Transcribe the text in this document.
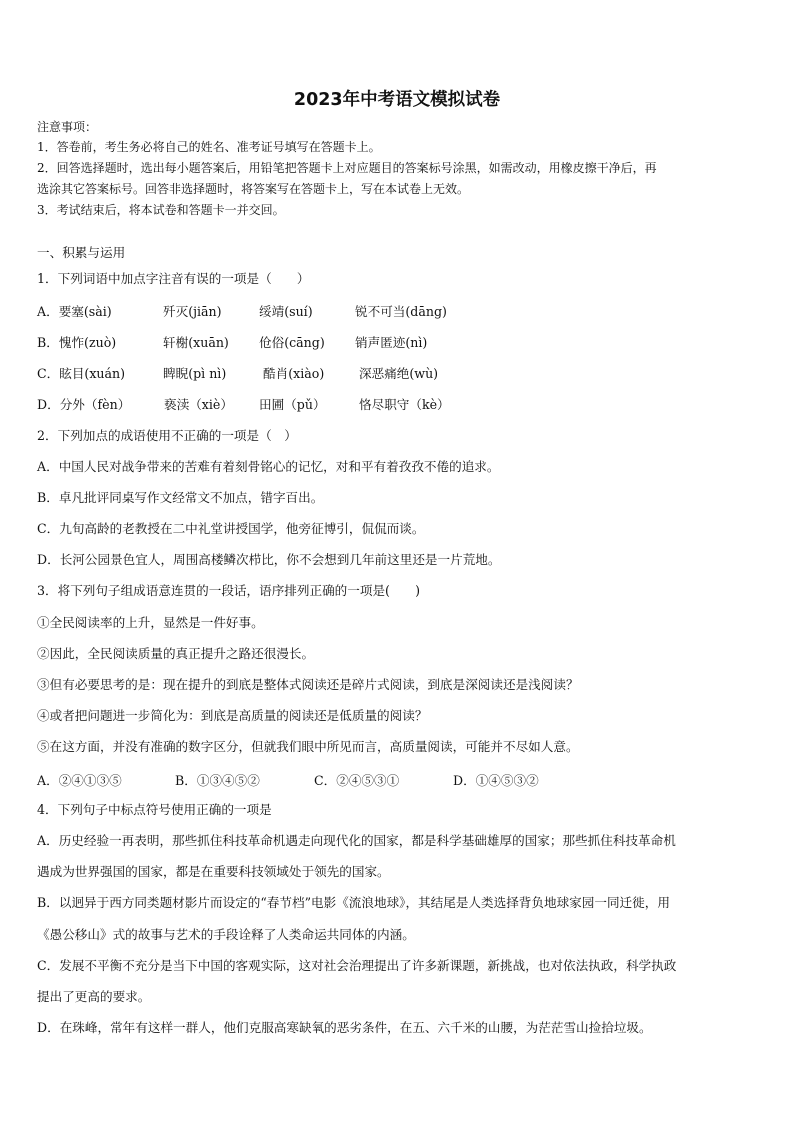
2023年中考语文模拟试卷
注意事项：
1．答卷前，考生务必将自己的姓名、准考证号填写在答题卡上。
2．回答选择题时，选出每小题答案后，用铅笔把答题卡上对应题目的答案标号涂黑，如需改动，用橡皮擦干净后，再
选涂其它答案标号。回答非选择题时，将答案写在答题卡上，写在本试卷上无效。
3．考试结束后，将本试卷和答题卡一并交回。
一、积累与运用
1．下列词语中加点字注音有误的一项是（　　）
A．要塞(sài)	歼灭(jiān)	绥靖(suí)	锐不可当(dāng)
B．愧怍(zuò)	轩榭(xuān) 伧俗(cāng) 销声匿迹(nì)
C．眩目(xuán)	睥睨(pì nì)	酷肖(xiào)	深恶痛绝(wù)
D．分外（fèn）	亵渎（xiè） 田圃（pǔ）	恪尽职守（kè）
2．下列加点的成语使用不正确的一项是（　）
A．中国人民对战争带来的苦难有着刻骨铭心的记忆，对和平有着孜孜不倦的追求。
B．卓凡批评同桌写作文经常文不加点，错字百出。
C．九旬高龄的老教授在二中礼堂讲授国学，他旁征博引，侃侃而谈。
D．长河公园景色宜人，周围高楼鳞次栉比，你不会想到几年前这里还是一片荒地。
3．将下列句子组成语意连贯的一段话，语序排列正确的一项是(　　)
①全民阅读率的上升，显然是一件好事。
②因此，全民阅读质量的真正提升之路还很漫长。
③但有必要思考的是：现在提升的到底是整体式阅读还是碎片式阅读，到底是深阅读还是浅阅读？
④或者把问题进一步简化为：到底是高质量的阅读还是低质量的阅读？
⑤在这方面，并没有准确的数字区分，但就我们眼中所见而言，高质量阅读，可能并不尽如人意。
A．②④①③⑤	B．①③④⑤②	C．②④⑤③①	D．①④⑤③②
4．下列句子中标点符号使用正确的一项是
A．历史经验一再表明，那些抓住科技革命机遇走向现代化的国家，都是科学基础雄厚的国家；那些抓住科技革命机
遇成为世界强国的国家，都是在重要科技领域处于领先的国家。
B．以迥异于西方同类题材影片而设定的“春节档”电影《流浪地球》，其结尾是人类选择背负地球家园一同迁徙，用
《愚公移山》式的故事与艺术的手段诠释了人类命运共同体的内涵。
C．发展不平衡不充分是当下中国的客观实际，这对社会治理提出了许多新课题，新挑战，也对依法执政，科学执政
提出了更高的要求。
D．在珠峰，常年有这样一群人，他们克服高寒缺氧的恶劣条件，在五、六千米的山腰，为茫茫雪山捡拾垃圾。
